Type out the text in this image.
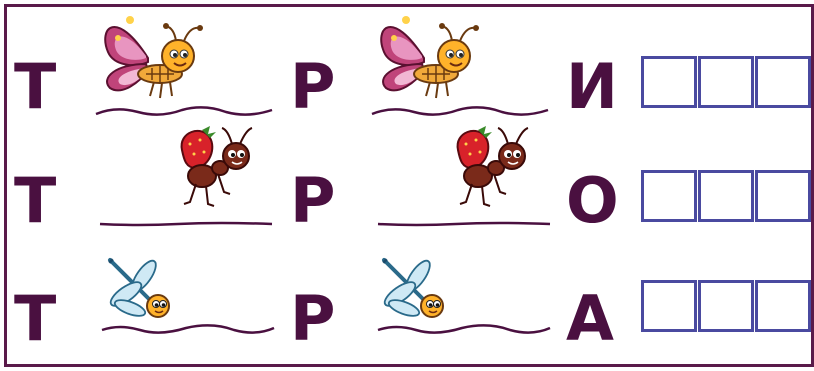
Т	Р	И
Т	Р	О
Т	Р	А
